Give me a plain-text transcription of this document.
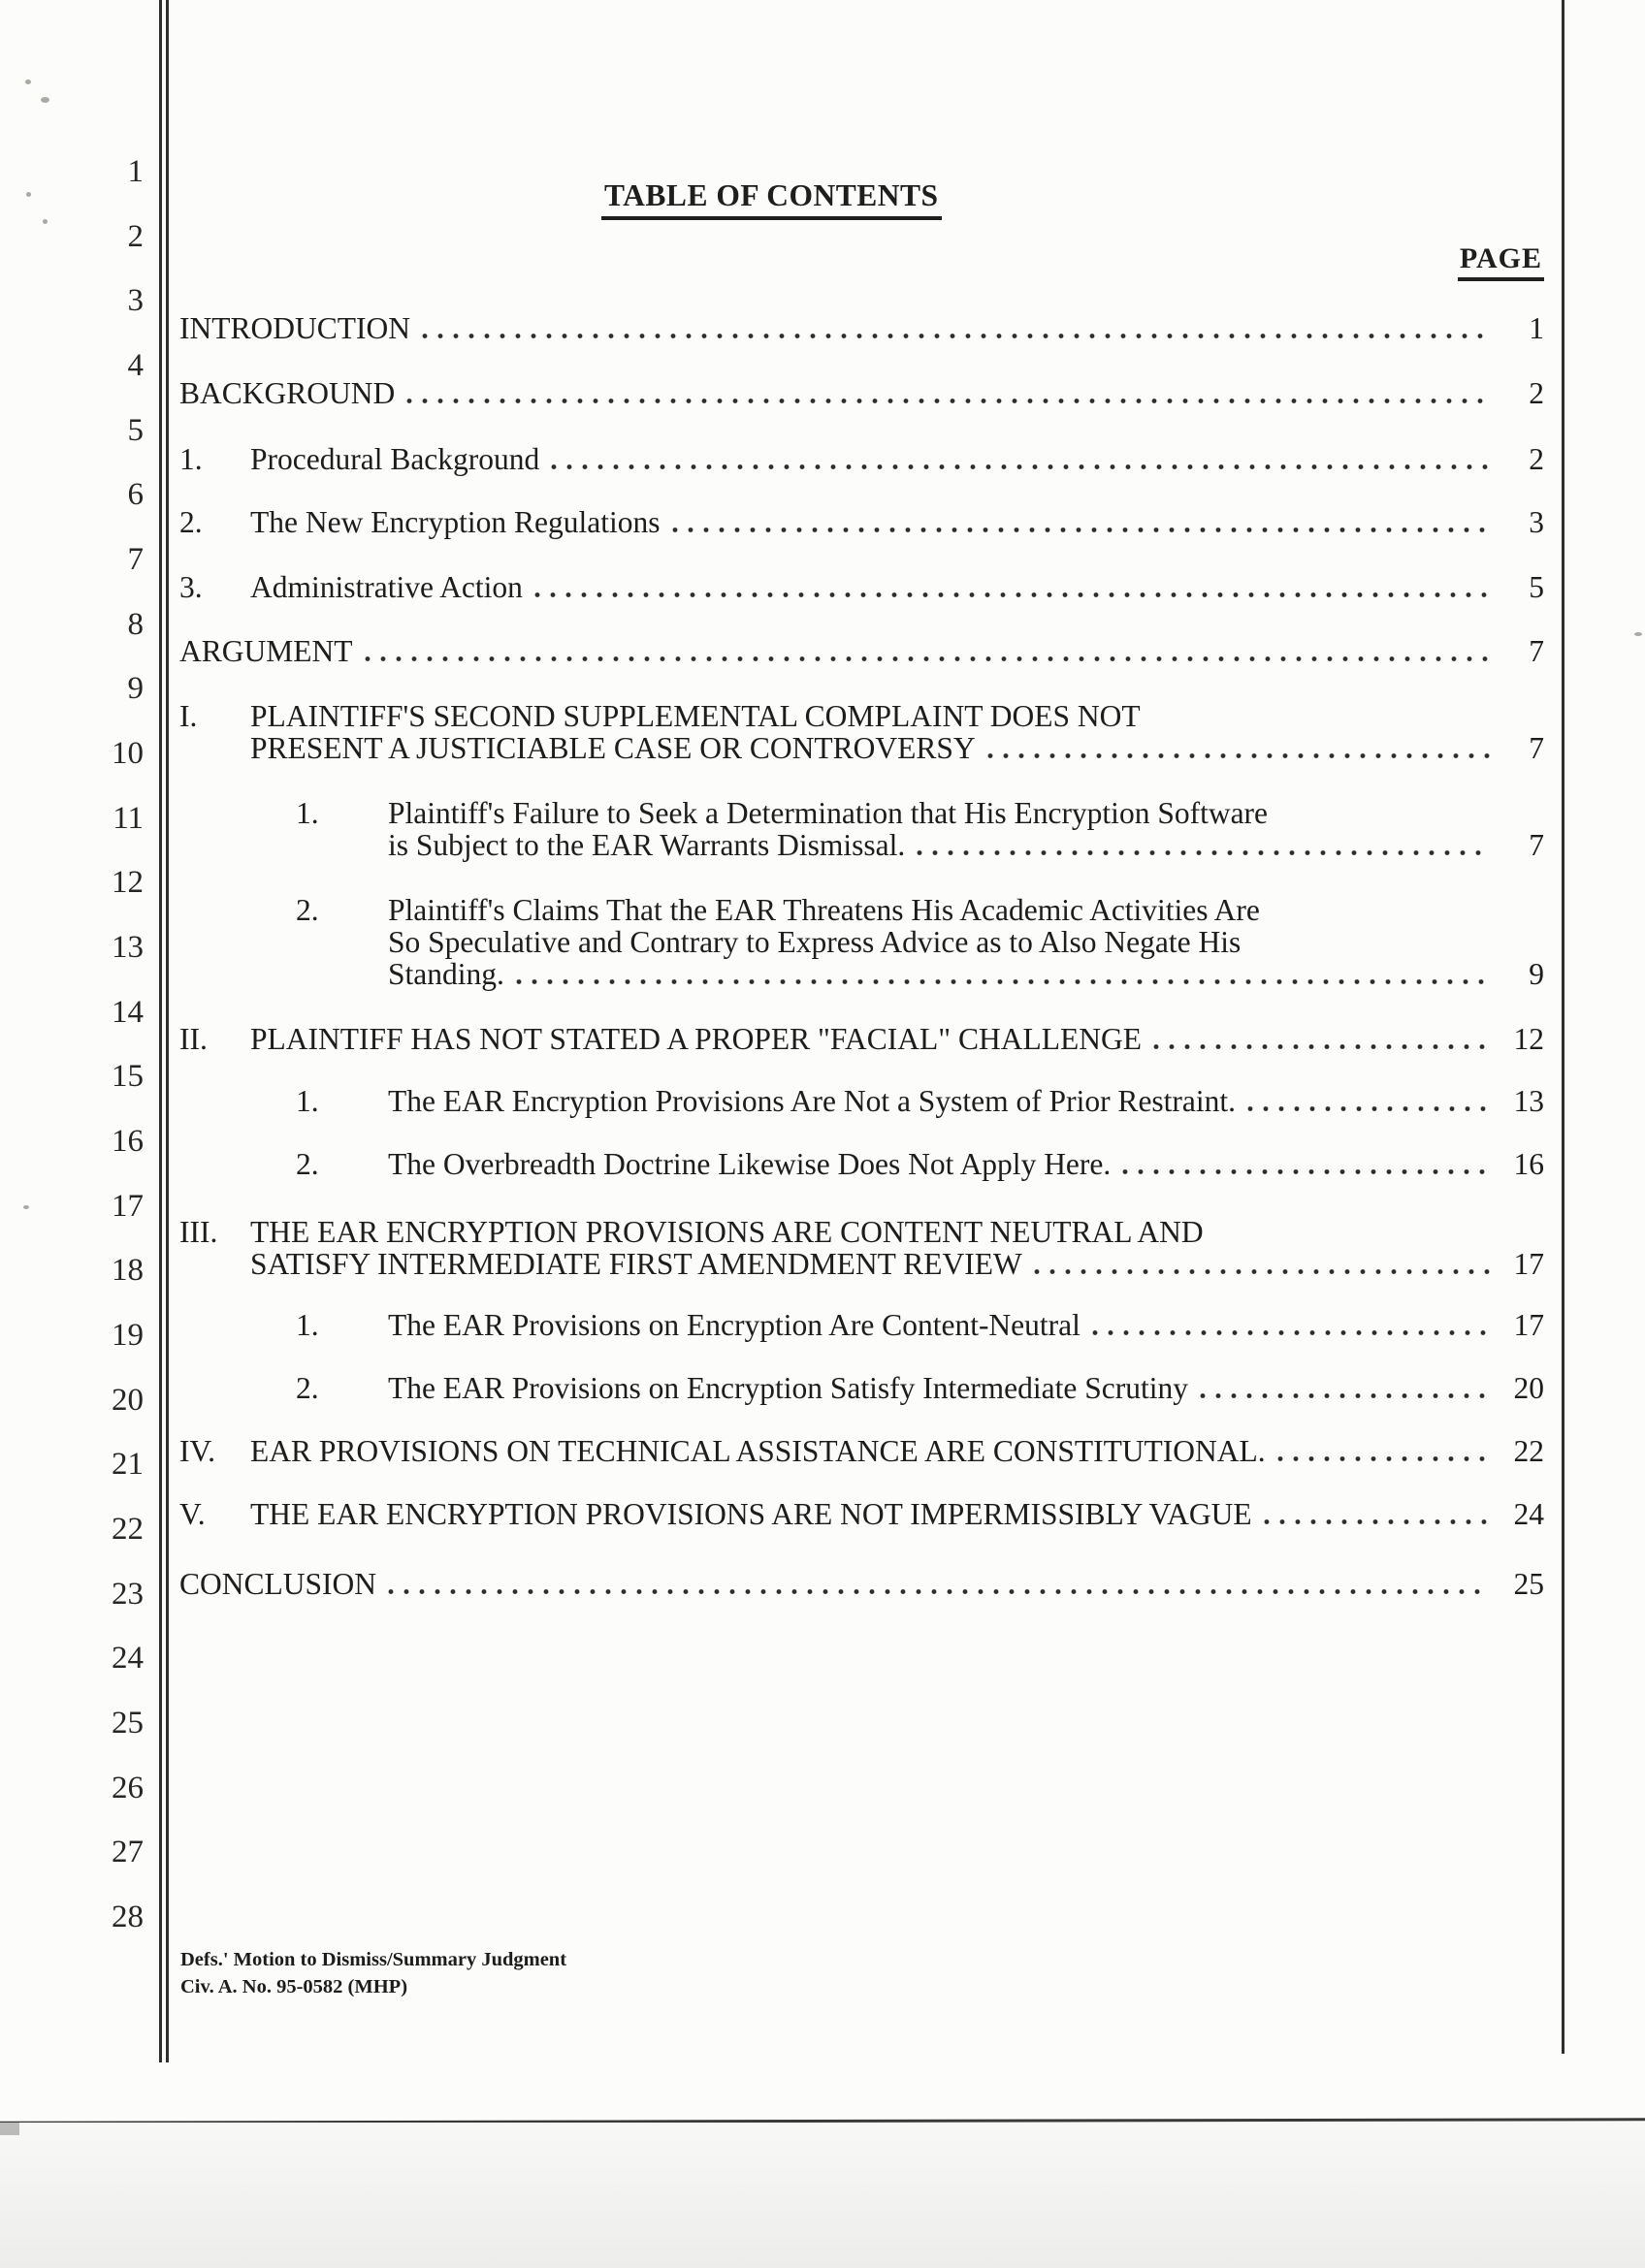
1
2
3
4
5
6
7
8
9
10
11
12
13
14
15
16
17
18
19
20
21
22
23
24
25
26
27
28
TABLE OF CONTENTS
PAGE
INTRODUCTION	1
BACKGROUND	2
1. Procedural Background	2
2. The New Encryption Regulations	3
3. Administrative Action	5
ARGUMENT	7
I.	PLAINTIFF'S SECOND SUPPLEMENTAL COMPLAINT DOES NOT
PRESENT A JUSTICIABLE CASE OR CONTROVERSY	7
1.	Plaintiff's Failure to Seek a Determination that His Encryption Software
is Subject to the EAR Warrants Dismissal.	7
2.	Plaintiff's Claims That the EAR Threatens His Academic Activities Are
So Speculative and Contrary to Express Advice as to Also Negate His
Standing.	9
II. PLAINTIFF HAS NOT STATED A PROPER "FACIAL" CHALLENGE	12
1. The EAR Encryption Provisions Are Not a System of Prior Restraint.	13
2. The Overbreadth Doctrine Likewise Does Not Apply Here.	16
III.	THE EAR ENCRYPTION PROVISIONS ARE CONTENT NEUTRAL AND
SATISFY INTERMEDIATE FIRST AMENDMENT REVIEW	17
1. The EAR Provisions on Encryption Are Content-Neutral	17
2. The EAR Provisions on Encryption Satisfy Intermediate Scrutiny	20
IV. EAR PROVISIONS ON TECHNICAL ASSISTANCE ARE CONSTITUTIONAL.	22
V. THE EAR ENCRYPTION PROVISIONS ARE NOT IMPERMISSIBLY VAGUE	24
CONCLUSION	25
Defs.' Motion to Dismiss/Summary Judgment
Civ. A. No. 95-0582 (MHP)
